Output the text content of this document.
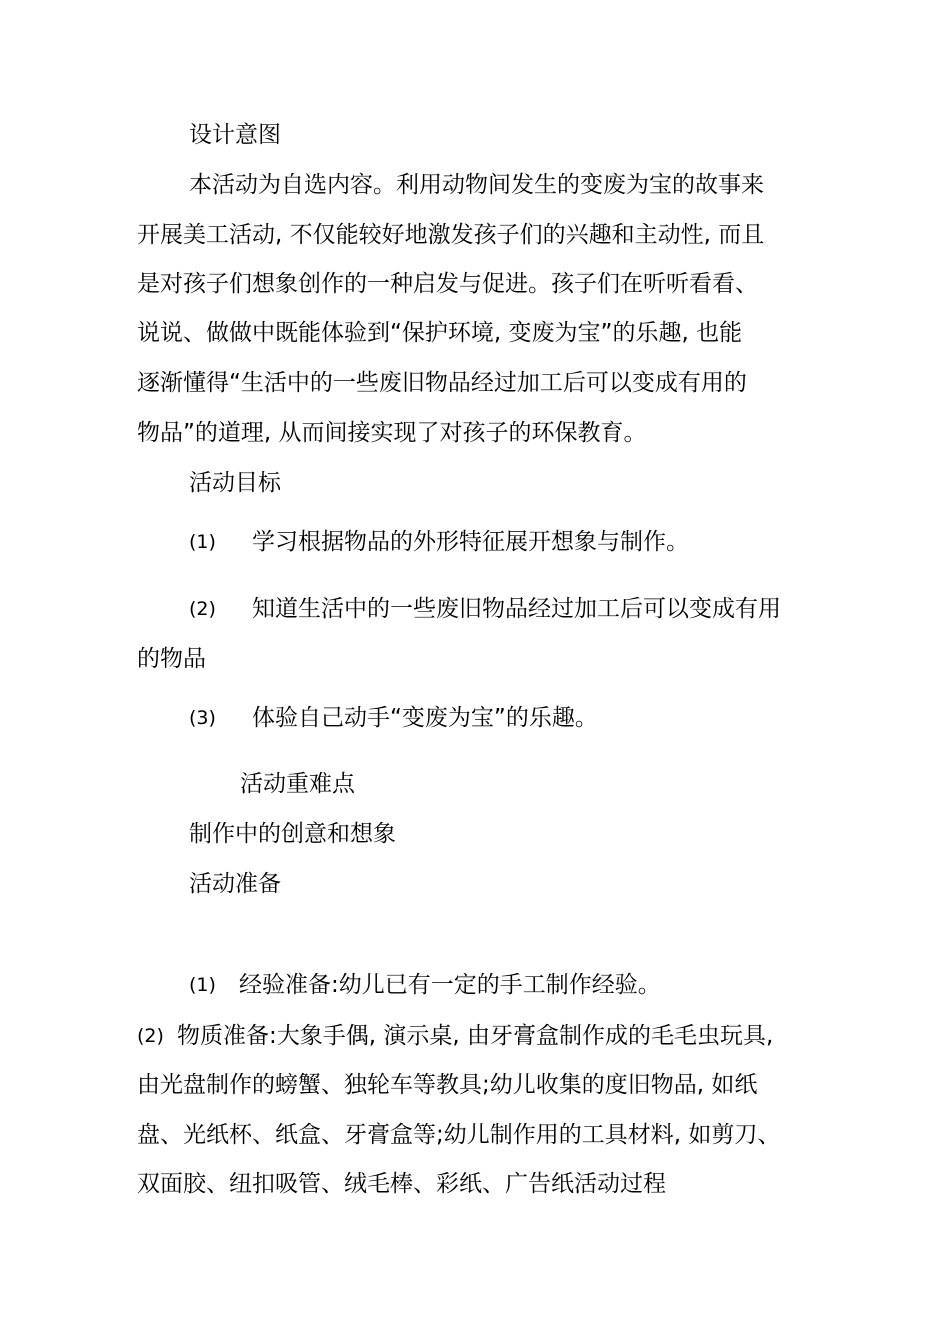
设计意图

本活动为自选内容。利用动物间发生的变废为宝的故事来

开展美工活动, 不仅能较好地激发孩子们的兴趣和主动性, 而且

是对孩子们想象创作的一种启发与促进。孩子们在听听看看、

说说、做做中既能体验到“保护环境, 变废为宝”的乐趣, 也能

逐渐懂得“生活中的一些废旧物品经过加工后可以变成有用的

物品”的道理, 从而间接实现了对孩子的环保教育。

活动目标
(1) 学习根据物品的外形特征展开想象与制作。

(2) 知道生活中的一些废旧物品经过加工后可以变成有用

的物品

(3) 体验自己动手“变废为宝”的乐趣。

活动重难点

制作中的创意和想象

活动准备
(1) 经验准备:幼儿已有一定的手工制作经验。

(2) 物质准备:大象手偶, 演示桌, 由牙膏盒制作成的毛毛虫玩具,

由光盘制作的螃蟹、独轮车等教具;幼儿收集的度旧物品, 如纸

盘、光纸杯、纸盒、牙膏盒等;幼儿制作用的工具材料, 如剪刀、

双面胶、纽扣吸管、绒毛棒、彩纸、广告纸活动过程
